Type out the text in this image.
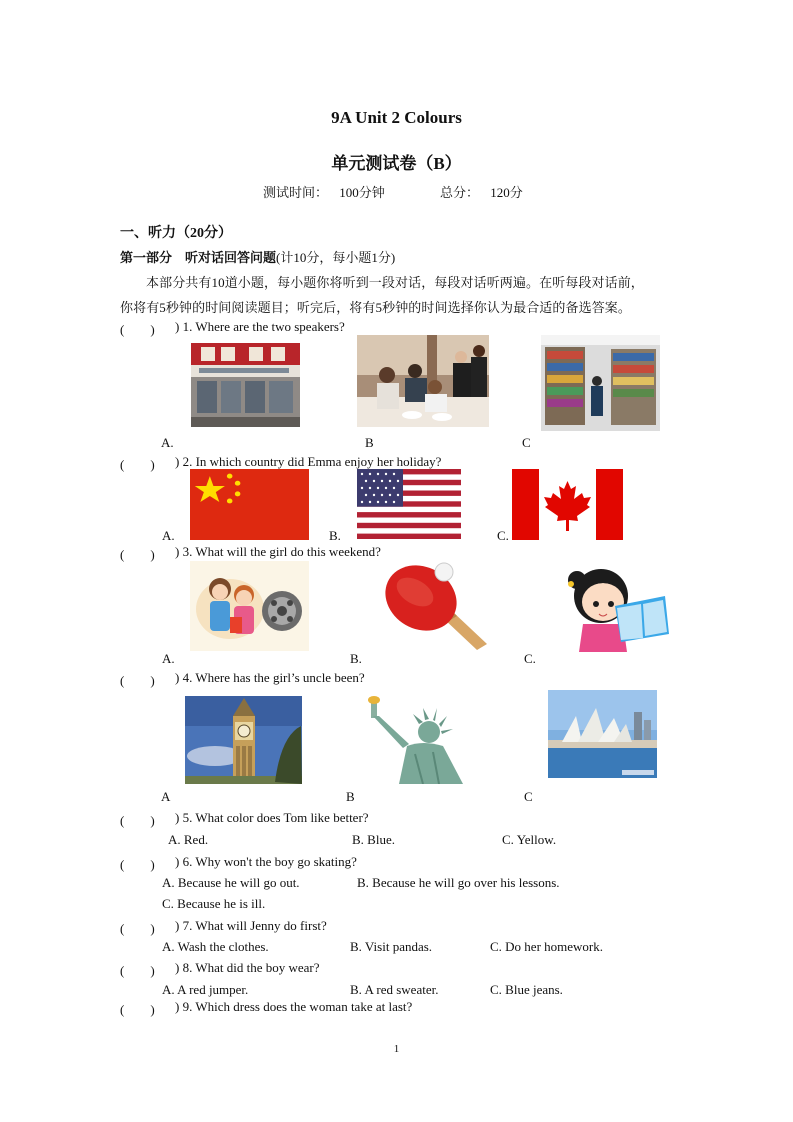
9A Unit 2 Colours
单元测试卷（B）
测试时间： 100分钟	总分： 120分
一、听力（20分）
第一部分　听对话回答问题(计10分，每小题1分)
本部分共有10道小题，每小题你将听到一段对话，每段对话听两遍。在听每段对话前，
你将有5秒钟的时间阅读题目；听完后，将有5秒钟的时间选择你认为最合适的备选答案。
(　　) ) 1. Where are the two speakers?
A.	B	C
(　　) ) 2. In which country did Emma enjoy her holiday?
A.	B.	C.
(　　) ) 3. What will the girl do this weekend?
A.	B.	C.
(　　) ) 4. Where has the girl’s uncle been?
A	B	C
(　　) ) 5. What color does Tom like better?
A. Red.	B. Blue.	C. Yellow.
(　　) ) 6. Why won't the boy go skating?
A. Because he will go out.	B. Because he will go over his lessons.
C. Because he is ill.
(　　) ) 7. What will Jenny do first?
A. Wash the clothes.	B. Visit pandas.	C. Do her homework.
(　　) ) 8. What did the boy wear?
A. A red jumper.	B. A red sweater.	C. Blue jeans.
(　　) ) 9. Which dress does the woman take at last?
1
